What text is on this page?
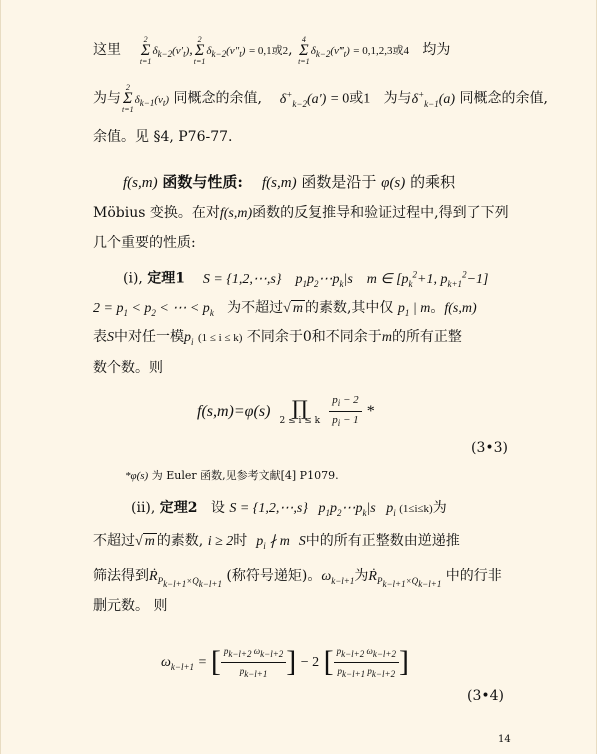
这里
2
Σ
t=1
$\delta_{k-2}(v'_t)$,
2
Σ
t=1
$\delta_{k-2}(v''_t) = 0,1$或2,
4
Σ
t=1
$\delta_{k-2}(v‴_t) = 0,1,2,3$或4 均为
为与
2
Σ
t=1
$\delta_{k-1}(v_t)$ 同概念的余值, $\delta^+_{k-2}(a') = 0$或1 为与$\delta^+_{k-1}(a)$ 同概念的余值,
余值。见 §4, P76-77.
f(s,m) 函数与性质: f(s,m) 函数是沿于 φ(s) 的乘积
Möbius 变换。在对f(s,m)函数的反复推导和验证过程中,得到了下列
几个重要的性质:
(i), 定理1 S = {1,2,⋯,s}    $p_1p_2\cdots p_k|s$    m ∈ [$p_k^2+1$, $p_{k+1}^2-1$]
$2 = p_1 < p_2$ < ⋯ < $p_k$ 为不超过√ m 的素数,其中仅 $p_1$ | m。f(s,m)
表S中对任一模$p_i$ (1 ≤ i ≤ k) 不同余于0和不同余于m的所有正整
数个数。则
f(s,m)=φ(s)	∏
2 ≤ i ≤ k
$\frac{p_i - 2}{p_i - 1}$ *
(3•3)
*φ(s) 为 Euler 函数,见参考文献[4] P1079.
(ii), 定理2 设 S = {1,2,⋯,s}   $p_1p_2\cdots p_k|s$   $p_i$ (1≤i≤k)为
不超过√ m 的素数, i ≥ 2时 $p_i$ ∤ m S中的所有正整数由逆递推
筛法得到Ṙ$_{P_{k-l+1}\times Q_{k-l+1}}$ (称符号递矩)。$\omega_{k-l+1}$为Ṙ$_{P_{k-l+1}\times Q_{k-l+1}}$ 中的行非
删元数。 则
$\omega_{k-l+1}$ = [ $\frac{p_{k-l+2} \omega_{k-l+2}}{p_{k-l+1}}$ ] − 2 [ $\frac{p_{k-l+2} \omega_{k-l+2}}{p_{k-l+1} p_{k-l+2}}$ ]
(3•4)
14
